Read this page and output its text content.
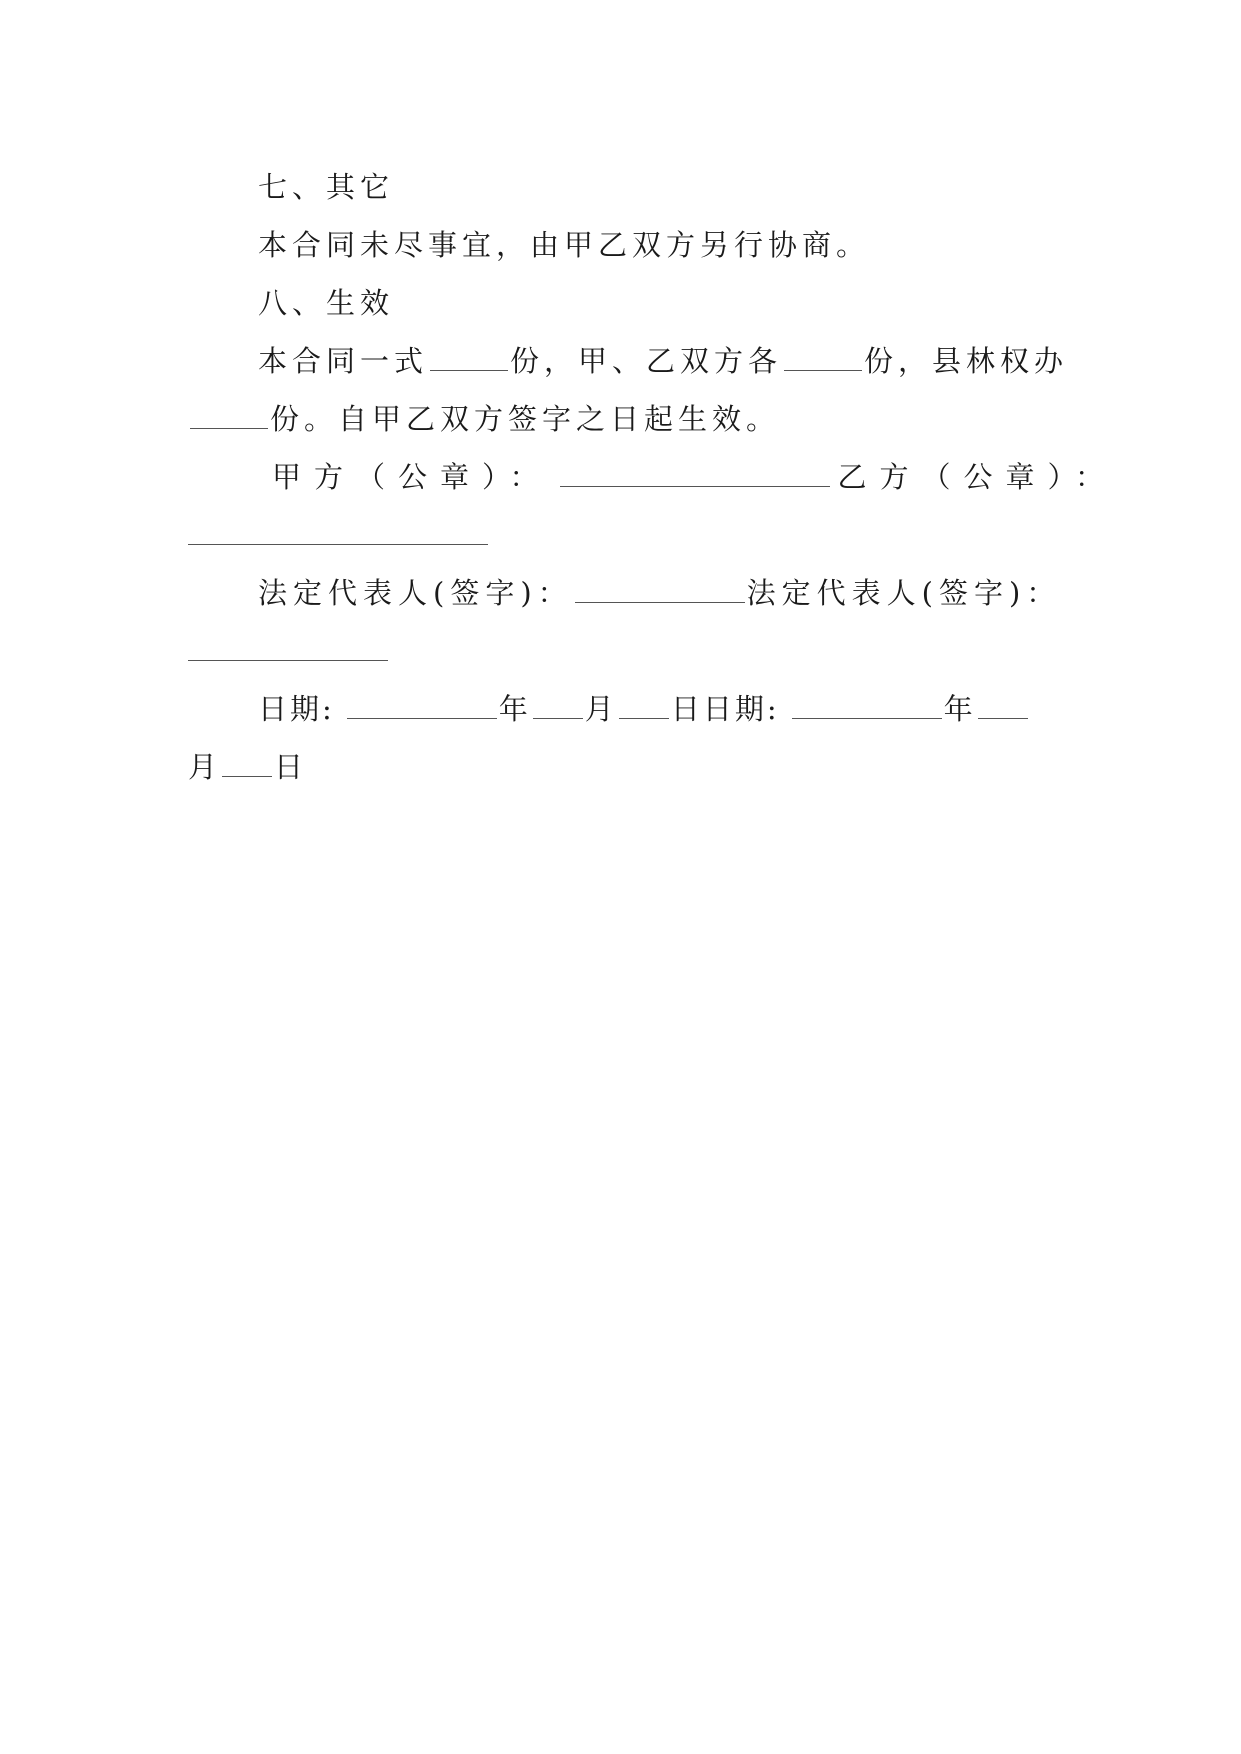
七、其它

本合同未尽事宜，由甲乙双方另行协商。

八、生效

本合同一式	份，甲、乙双方各	份，县林权办
份。自甲乙双方签字之日起生效。
甲方（公章）：	乙方（公章）：
法定代表人(签字)：	法定代表人(签字)：
日期:	年 月 日日期:	年
月 日
